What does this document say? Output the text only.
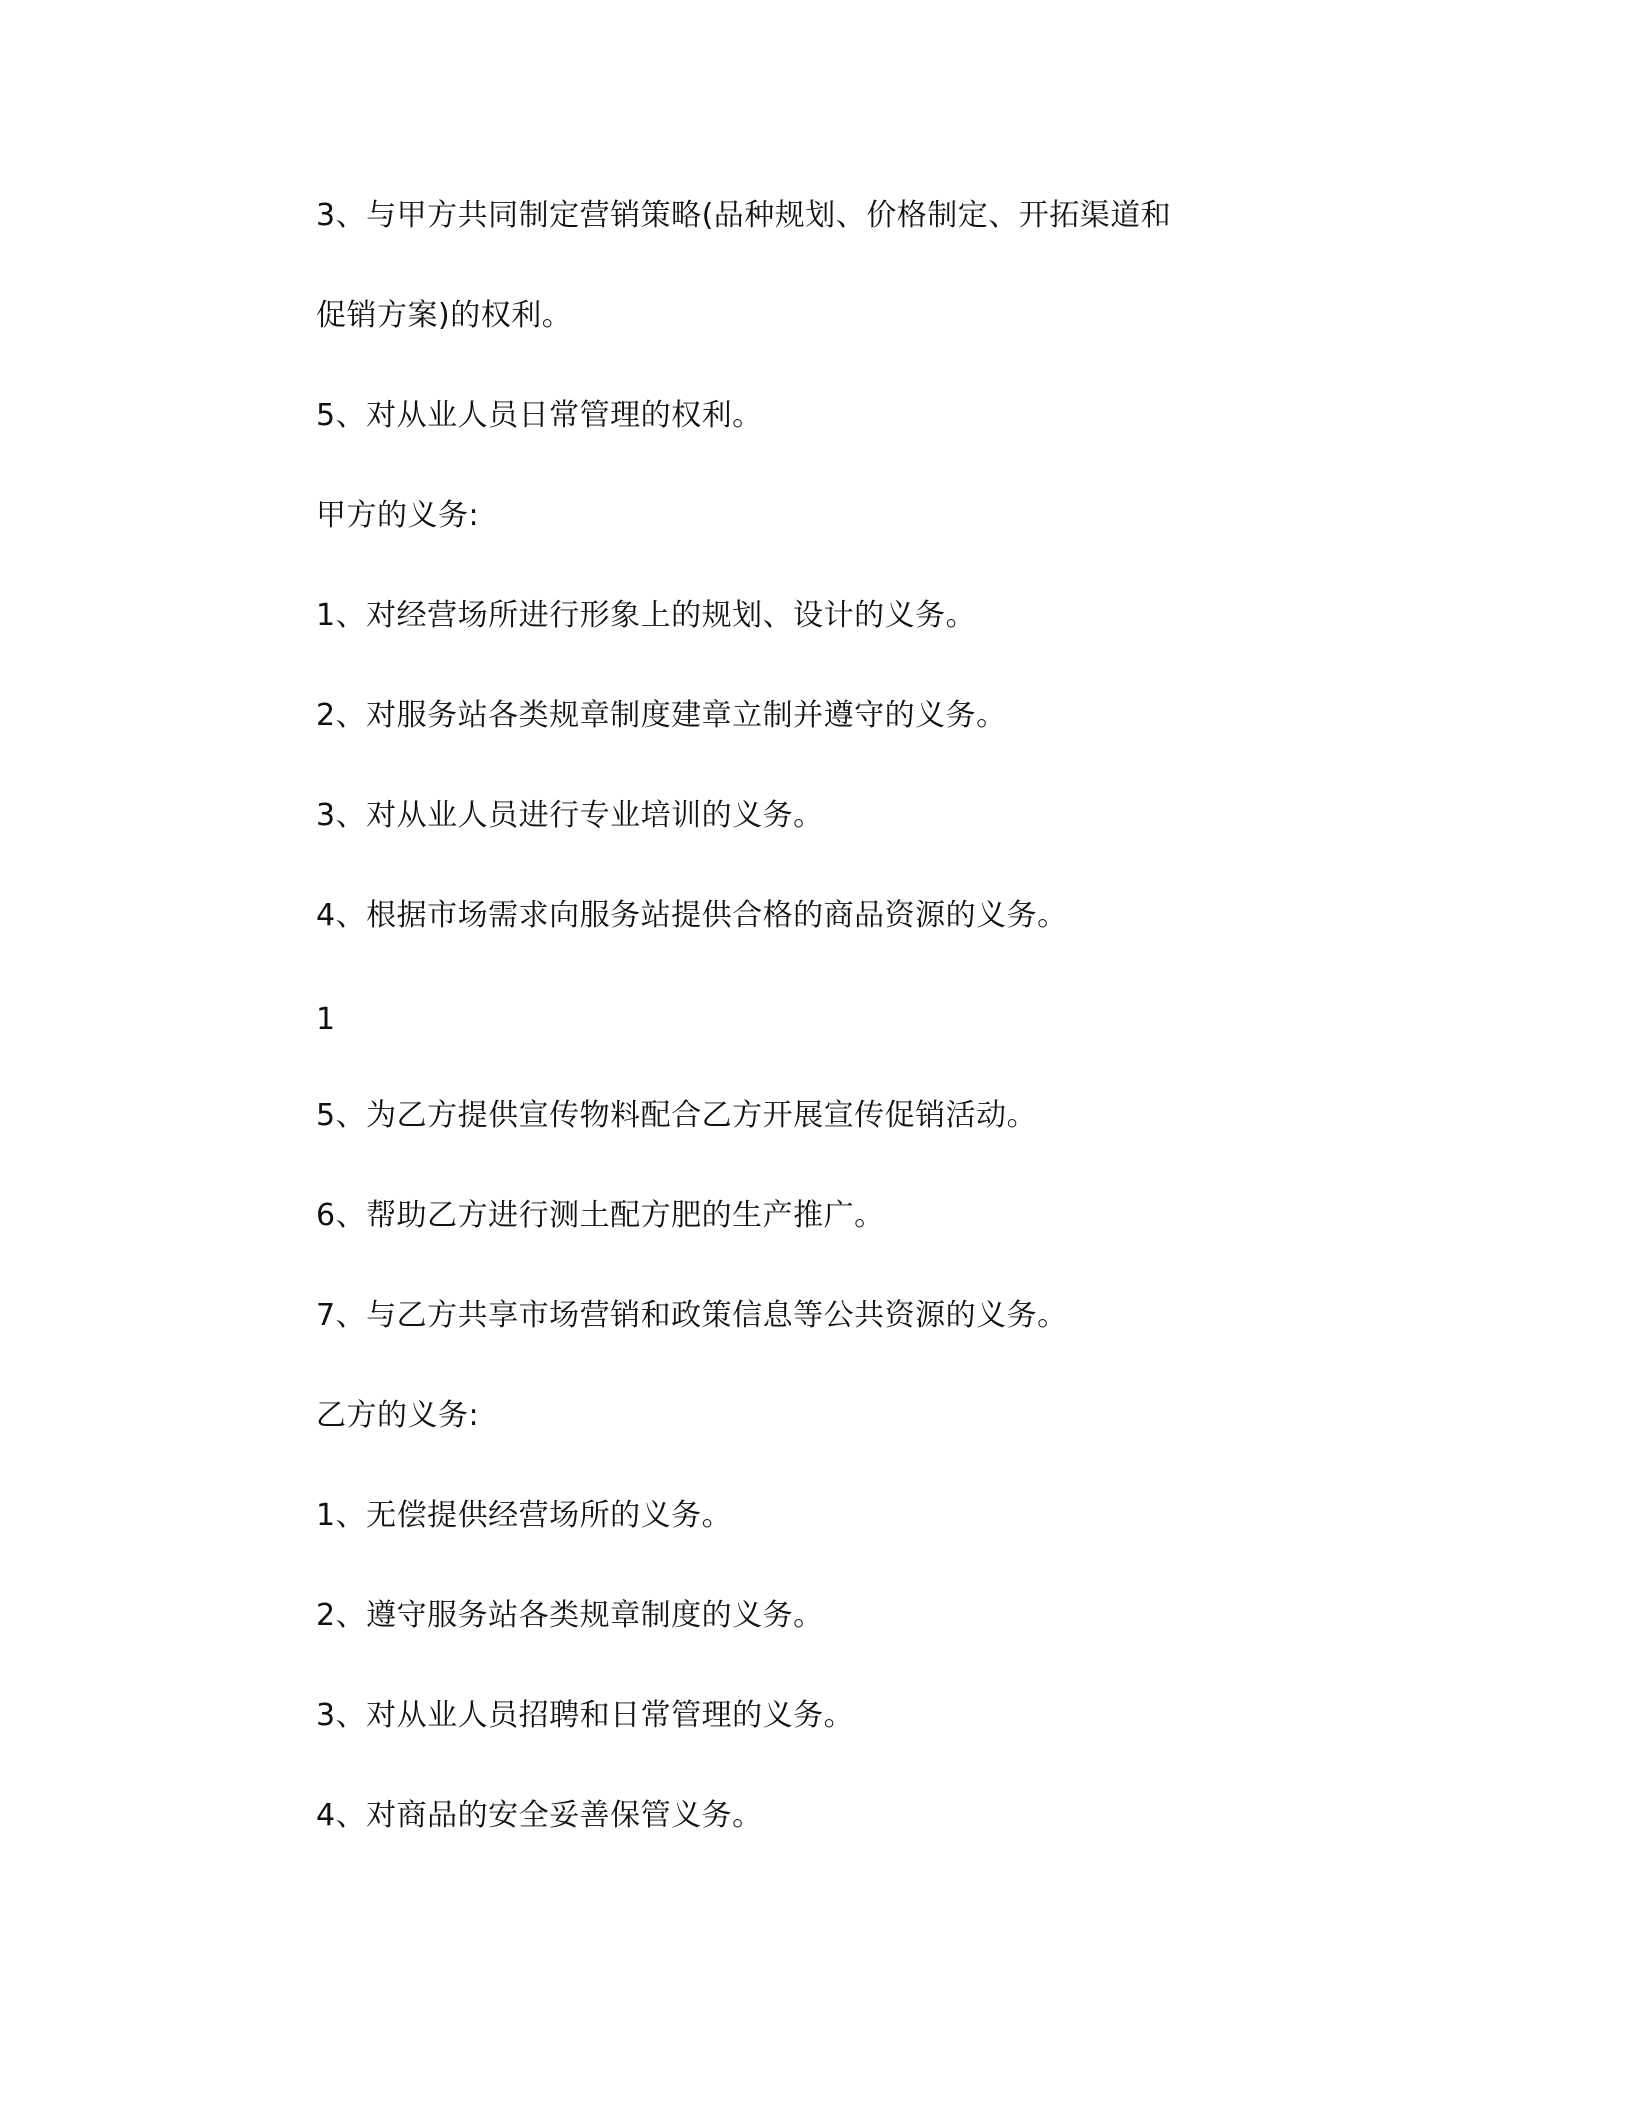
3、与甲方共同制定营销策略(品种规划、价格制定、开拓渠道和
促销方案)的权利。
5、对从业人员日常管理的权利。
甲方的义务:
1、对经营场所进行形象上的规划、设计的义务。
2、对服务站各类规章制度建章立制并遵守的义务。
3、对从业人员进行专业培训的义务。
4、根据市场需求向服务站提供合格的商品资源的义务。
1
5、为乙方提供宣传物料配合乙方开展宣传促销活动。
6、帮助乙方进行测土配方肥的生产推广。
7、与乙方共享市场营销和政策信息等公共资源的义务。
乙方的义务:
1、无偿提供经营场所的义务。
2、遵守服务站各类规章制度的义务。
3、对从业人员招聘和日常管理的义务。
4、对商品的安全妥善保管义务。
